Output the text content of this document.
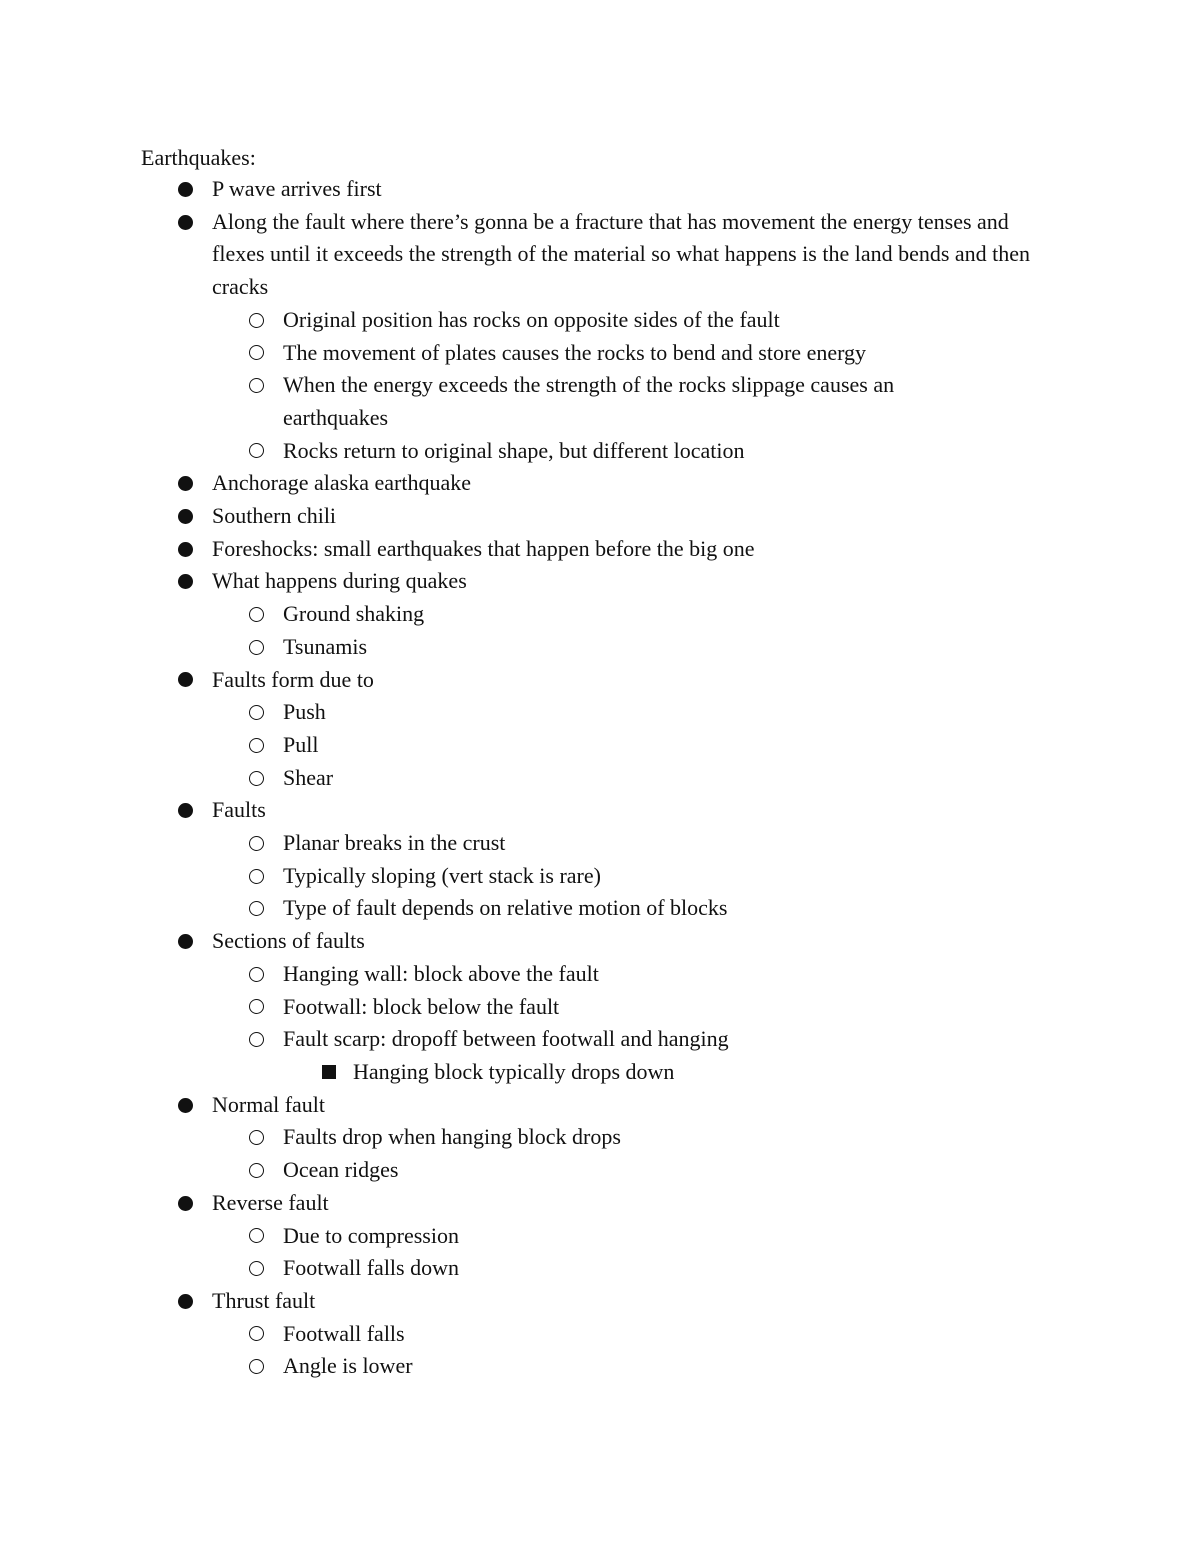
Earthquakes:
P wave arrives first
Along the fault where there’s gonna be a fracture that has movement the energy tenses and flexes until it exceeds the strength of the material so what happens is the land bends and then cracks
Original position has rocks on opposite sides of the fault
The movement of plates causes the rocks to bend and store energy
When the energy exceeds the strength of the rocks slippage causes an earthquakes
Rocks return to original shape, but different location
Anchorage alaska earthquake
Southern chili
Foreshocks: small earthquakes that happen before the big one
What happens during quakes
Ground shaking
Tsunamis
Faults form due to
Push
Pull
Shear
Faults
Planar breaks in the crust
Typically sloping (vert stack is rare)
Type of fault depends on relative motion of blocks
Sections of faults
Hanging wall: block above the fault
Footwall: block below the fault
Fault scarp: dropoff between footwall and hanging
Hanging block typically drops down
Normal fault
Faults drop when hanging block drops
Ocean ridges
Reverse fault
Due to compression
Footwall falls down
Thrust fault
Footwall falls
Angle is lower
